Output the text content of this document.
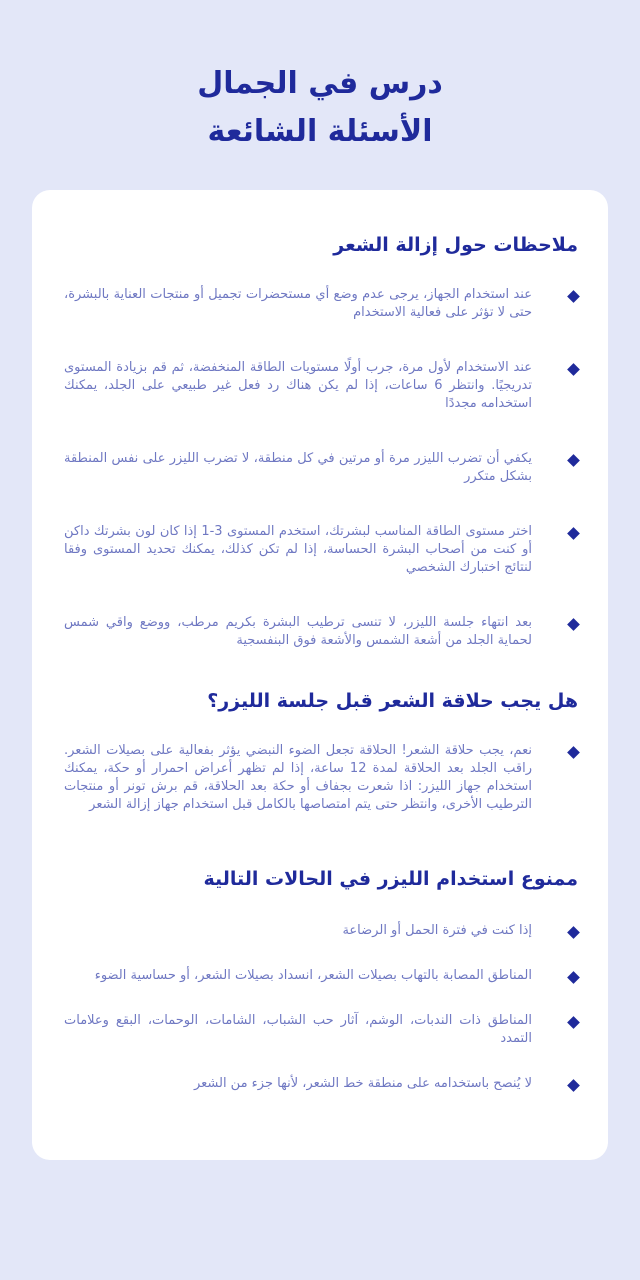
درس في الجمال
الأسئلة الشائعة
ملاحظات حول إزالة الشعر
عند استخدام الجهاز، يرجى عدم وضع أي مستحضرات تجميل أو منتجات العناية بالبشرة، حتى لا تؤثر على فعالية الاستخدام
عند الاستخدام لأول مرة، جرب أولًا مستويات الطاقة المنخفضة، ثم قم بزيادة المستوى تدريجيًا. وانتظر 6 ساعات، إذا لم يكن هناك رد فعل غير طبيعي على الجلد، يمكنك استخدامه مجددًا
يكفي أن تضرب الليزر مرة أو مرتين في كل منطقة، لا تضرب الليزر على نفس المنطقة بشكل متكرر
اختر مستوى الطاقة المناسب لبشرتك، استخدم المستوى 3-1 إذا كان لون بشرتك داكن أو كنت من أصحاب البشرة الحساسة، إذا لم تكن كذلك، يمكنك تحديد المستوى وفقا لنتائج اختبارك الشخصي
بعد انتهاء جلسة الليزر، لا تنسى ترطيب البشرة بكريم مرطب، ووضع واقي شمس لحماية الجلد من أشعة الشمس والأشعة فوق البنفسجية
هل يجب حلاقة الشعر قبل جلسة الليزر؟
نعم، يجب حلاقة الشعر! الحلاقة تجعل الضوء النبضي يؤثر بفعالية على بصيلات الشعر. راقب الجلد بعد الحلاقة لمدة 12 ساعة، إذا لم تظهر أعراض احمرار أو حكة، يمكنك استخدام جهاز الليزر: اذا شعرت بجفاف أو حكة بعد الحلاقة، قم برش تونر أو منتجات الترطيب الأخرى، وانتظر حتى يتم امتصاصها بالكامل قبل استخدام جهاز إزالة الشعر
ممنوع استخدام الليزر في الحالات التالية
إذا كنت في فترة الحمل أو الرضاعة
المناطق المصابة بالتهاب بصيلات الشعر، انسداد بصيلات الشعر، أو حساسية الضوء
المناطق ذات الندبات، الوشم، آثار حب الشباب، الشامات، الوحمات، البقع وعلامات التمدد
لا يُنصح باستخدامه على منطقة خط الشعر، لأنها جزء من الشعر
